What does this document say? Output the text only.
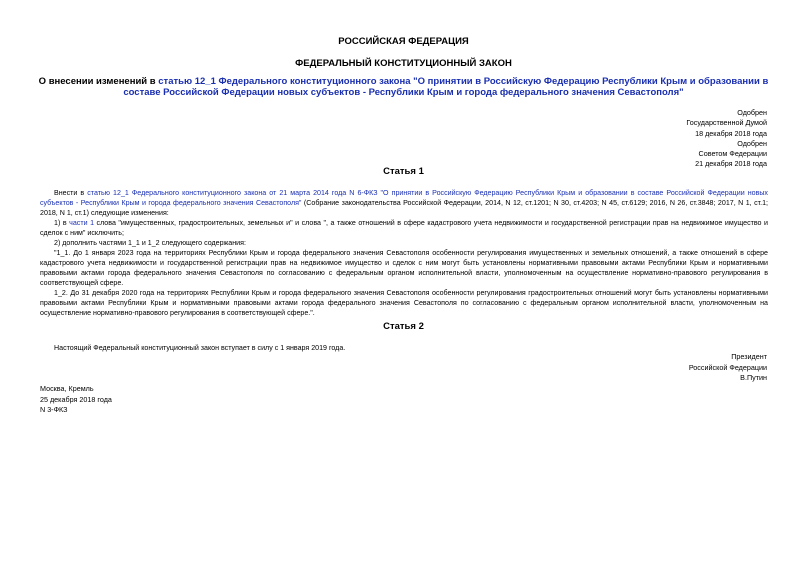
РОССИЙСКАЯ ФЕДЕРАЦИЯ
ФЕДЕРАЛЬНЫЙ КОНСТИТУЦИОННЫЙ ЗАКОН
О внесении изменений в статью 12_1 Федерального конституционного закона "О принятии в Российскую Федерацию Республики Крым и образовании в составе Российской Федерации новых субъектов - Республики Крым и города федерального значения Севастополя"
Одобрен
Государственной Думой
18 декабря 2018 года
Одобрен
Советом Федерации
21 декабря 2018 года
Статья 1

Внести в статью 12_1 Федерального конституционного закона от 21 марта 2014 года N 6-ФКЗ "О принятии в Российскую Федерацию Республики Крым и образовании в составе Российской Федерации новых субъектов - Республики Крым и города федерального значения Севастополя" (Собрание законодательства Российской Федерации, 2014, N 12, ст.1201; N 30, ст.4203; N 45, ст.6129; 2016, N 26, ст.3848; 2017, N 1, ст.1; 2018, N 1, ст.1) следующие изменения:

1) в части 1 слова "имущественных, градостроительных, земельных и" и слова ", а также отношений в сфере кадастрового учета недвижимости и государственной регистрации прав на недвижимое имущество и сделок с ним" исключить;

2) дополнить частями 1_1 и 1_2 следующего содержания:

"1_1. До 1 января 2023 года на территориях Республики Крым и города федерального значения Севастополя особенности регулирования имущественных и земельных отношений, а также отношений в сфере кадастрового учета недвижимости и государственной регистрации прав на недвижимое имущество и сделок с ним могут быть установлены нормативными правовыми актами Республики Крым и нормативными правовыми актами города федерального значения Севастополя по согласованию с федеральным органом исполнительной власти, уполномоченным на осуществление нормативно-правового регулирования в соответствующей сфере.

1_2. До 31 декабря 2020 года на территориях Республики Крым и города федерального значения Севастополя особенности регулирования градостроительных отношений могут быть установлены нормативными правовыми актами Республики Крым и нормативными правовыми актами города федерального значения Севастополя по согласованию с федеральным органом исполнительной власти, уполномоченным на осуществление нормативно-правового регулирования в соответствующей сфере.".

Статья 2

Настоящий Федеральный конституционный закон вступает в силу с 1 января 2019 года.

Президент
Российской Федерации
В.Путин
Москва, Кремль
25 декабря 2018 года
N 3-ФКЗ
